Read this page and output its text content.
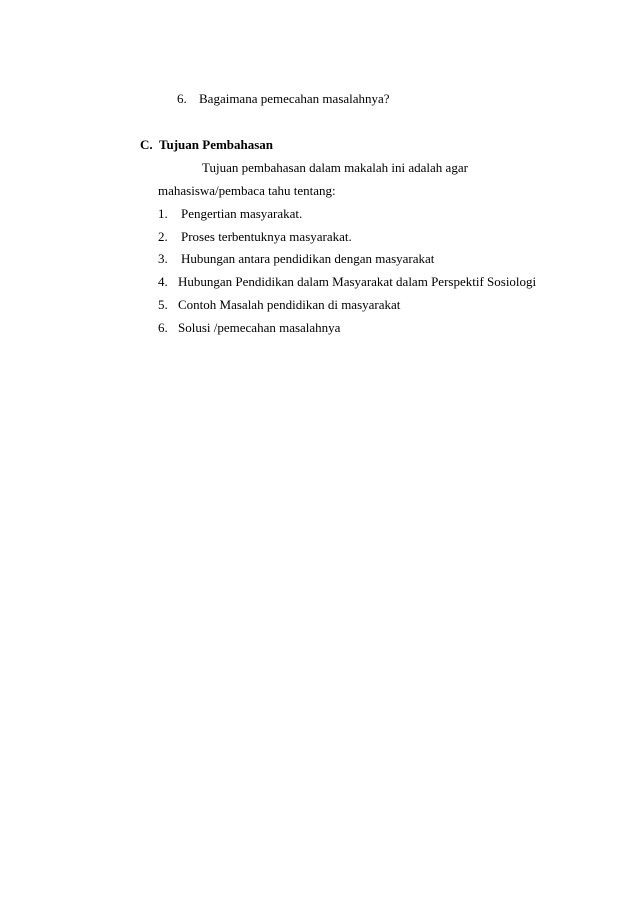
6. Bagaimana pemecahan masalahnya?
C. Tujuan Pembahasan
Tujuan pembahasan dalam makalah ini adalah agar
mahasiswa/pembaca tahu tentang:
1. Pengertian masyarakat.
2. Proses terbentuknya masyarakat.
3. Hubungan antara pendidikan dengan masyarakat
4. Hubungan Pendidikan dalam Masyarakat dalam Perspektif Sosiologi
5. Contoh Masalah pendidikan di masyarakat
6. Solusi /pemecahan masalahnya
